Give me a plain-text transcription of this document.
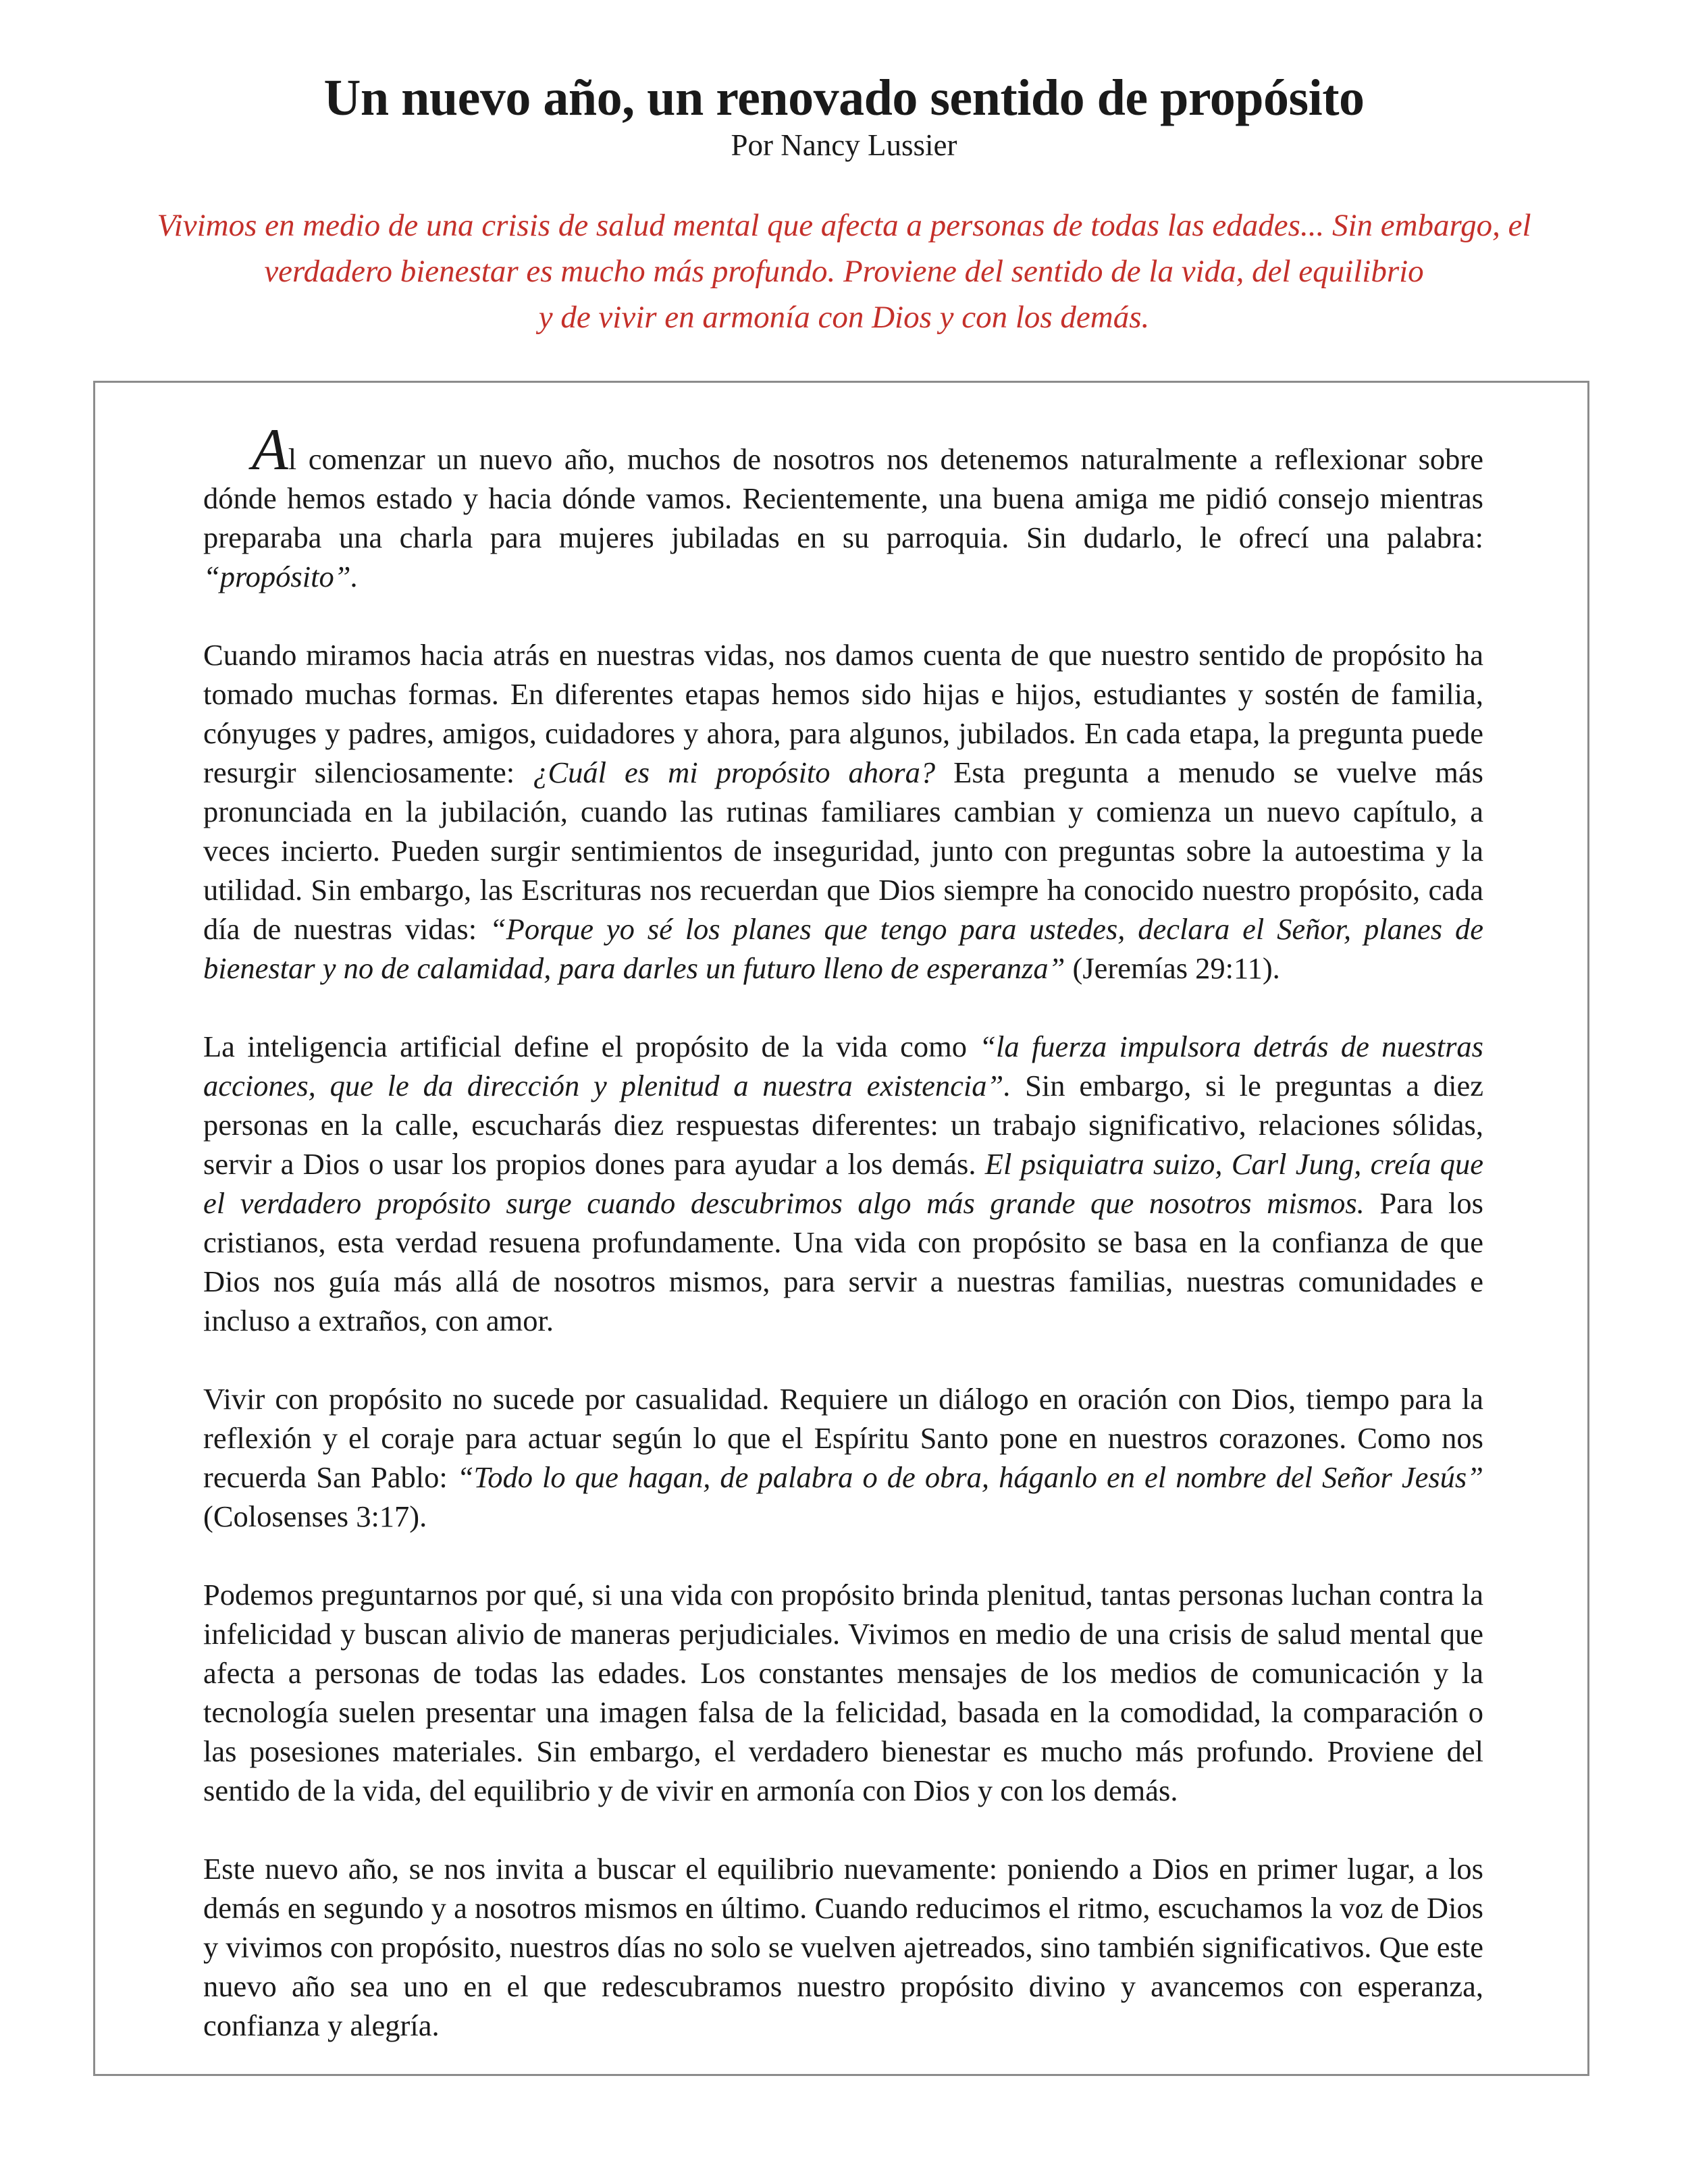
Un nuevo año, un renovado sentido de propósito
Por Nancy Lussier
Vivimos en medio de una crisis de salud mental que afecta a personas de todas las edades... Sin embargo, el
verdadero bienestar es mucho más profundo. Proviene del sentido de la vida, del equilibrio
y de vivir en armonía con Dios y con los demás.

Al comenzar un nuevo año, muchos de nosotros nos detenemos naturalmente a reflexionar sobre dónde hemos estado y hacia dónde vamos. Recientemente, una buena amiga me pidió consejo mientras preparaba una charla para mujeres jubiladas en su parroquia. Sin dudarlo, le ofrecí una palabra: “propósito”.

Cuando miramos hacia atrás en nuestras vidas, nos damos cuenta de que nuestro sentido de propósito ha tomado muchas formas. En diferentes etapas hemos sido hijas e hijos, estudiantes y sostén de familia, cónyuges y padres, amigos, cuidadores y ahora, para algunos, jubilados. En cada etapa, la pregunta puede resurgir silenciosamente: ¿Cuál es mi propósito ahora? Esta pregunta a menudo se vuelve más pronunciada en la jubilación, cuando las rutinas familiares cambian y comienza un nuevo capítulo, a veces incierto. Pueden surgir sentimientos de inseguridad, junto con preguntas sobre la autoestima y la utilidad. Sin embargo, las Escrituras nos recuerdan que Dios siempre ha conocido nuestro propósito, cada día de nuestras vidas: “Porque yo sé los planes que tengo para ustedes, declara el Señor, planes de bienestar y no de calamidad, para darles un futuro lleno de esperanza” (Jeremías 29:11).

La inteligencia artificial define el propósito de la vida como “la fuerza impulsora detrás de nuestras acciones, que le da dirección y plenitud a nuestra existencia”. Sin embargo, si le preguntas a diez personas en la calle, escucharás diez respuestas diferentes: un trabajo significativo, relaciones sólidas, servir a Dios o usar los propios dones para ayudar a los demás. El psiquiatra suizo, Carl Jung, creía que el verdadero propósito surge cuando descubrimos algo más grande que nosotros mismos. Para los cristianos, esta verdad resuena profundamente. Una vida con propósito se basa en la confianza de que Dios nos guía más allá de nosotros mismos, para servir a nuestras familias, nuestras comunidades e incluso a extraños, con amor.

Vivir con propósito no sucede por casualidad. Requiere un diálogo en oración con Dios, tiempo para la reflexión y el coraje para actuar según lo que el Espíritu Santo pone en nuestros corazones. Como nos recuerda San Pablo: “Todo lo que hagan, de palabra o de obra, háganlo en el nombre del Señor Jesús” (Colosenses 3:17).

Podemos preguntarnos por qué, si una vida con propósito brinda plenitud, tantas personas luchan contra la infelicidad y buscan alivio de maneras perjudiciales. Vivimos en medio de una crisis de salud mental que afecta a personas de todas las edades. Los constantes mensajes de los medios de comunicación y la tecnología suelen presentar una imagen falsa de la felicidad, basada en la comodidad, la comparación o las posesiones materiales. Sin embargo, el verdadero bienestar es mucho más profundo. Proviene del sentido de la vida, del equilibrio y de vivir en armonía con Dios y con los demás.

Este nuevo año, se nos invita a buscar el equilibrio nuevamente: poniendo a Dios en primer lugar, a los demás en segundo y a nosotros mismos en último. Cuando reducimos el ritmo, escuchamos la voz de Dios y vivimos con propósito, nuestros días no solo se vuelven ajetreados, sino también significativos. Que este nuevo año sea uno en el que redescubramos nuestro propósito divino y avancemos con esperanza, confianza y alegría.
